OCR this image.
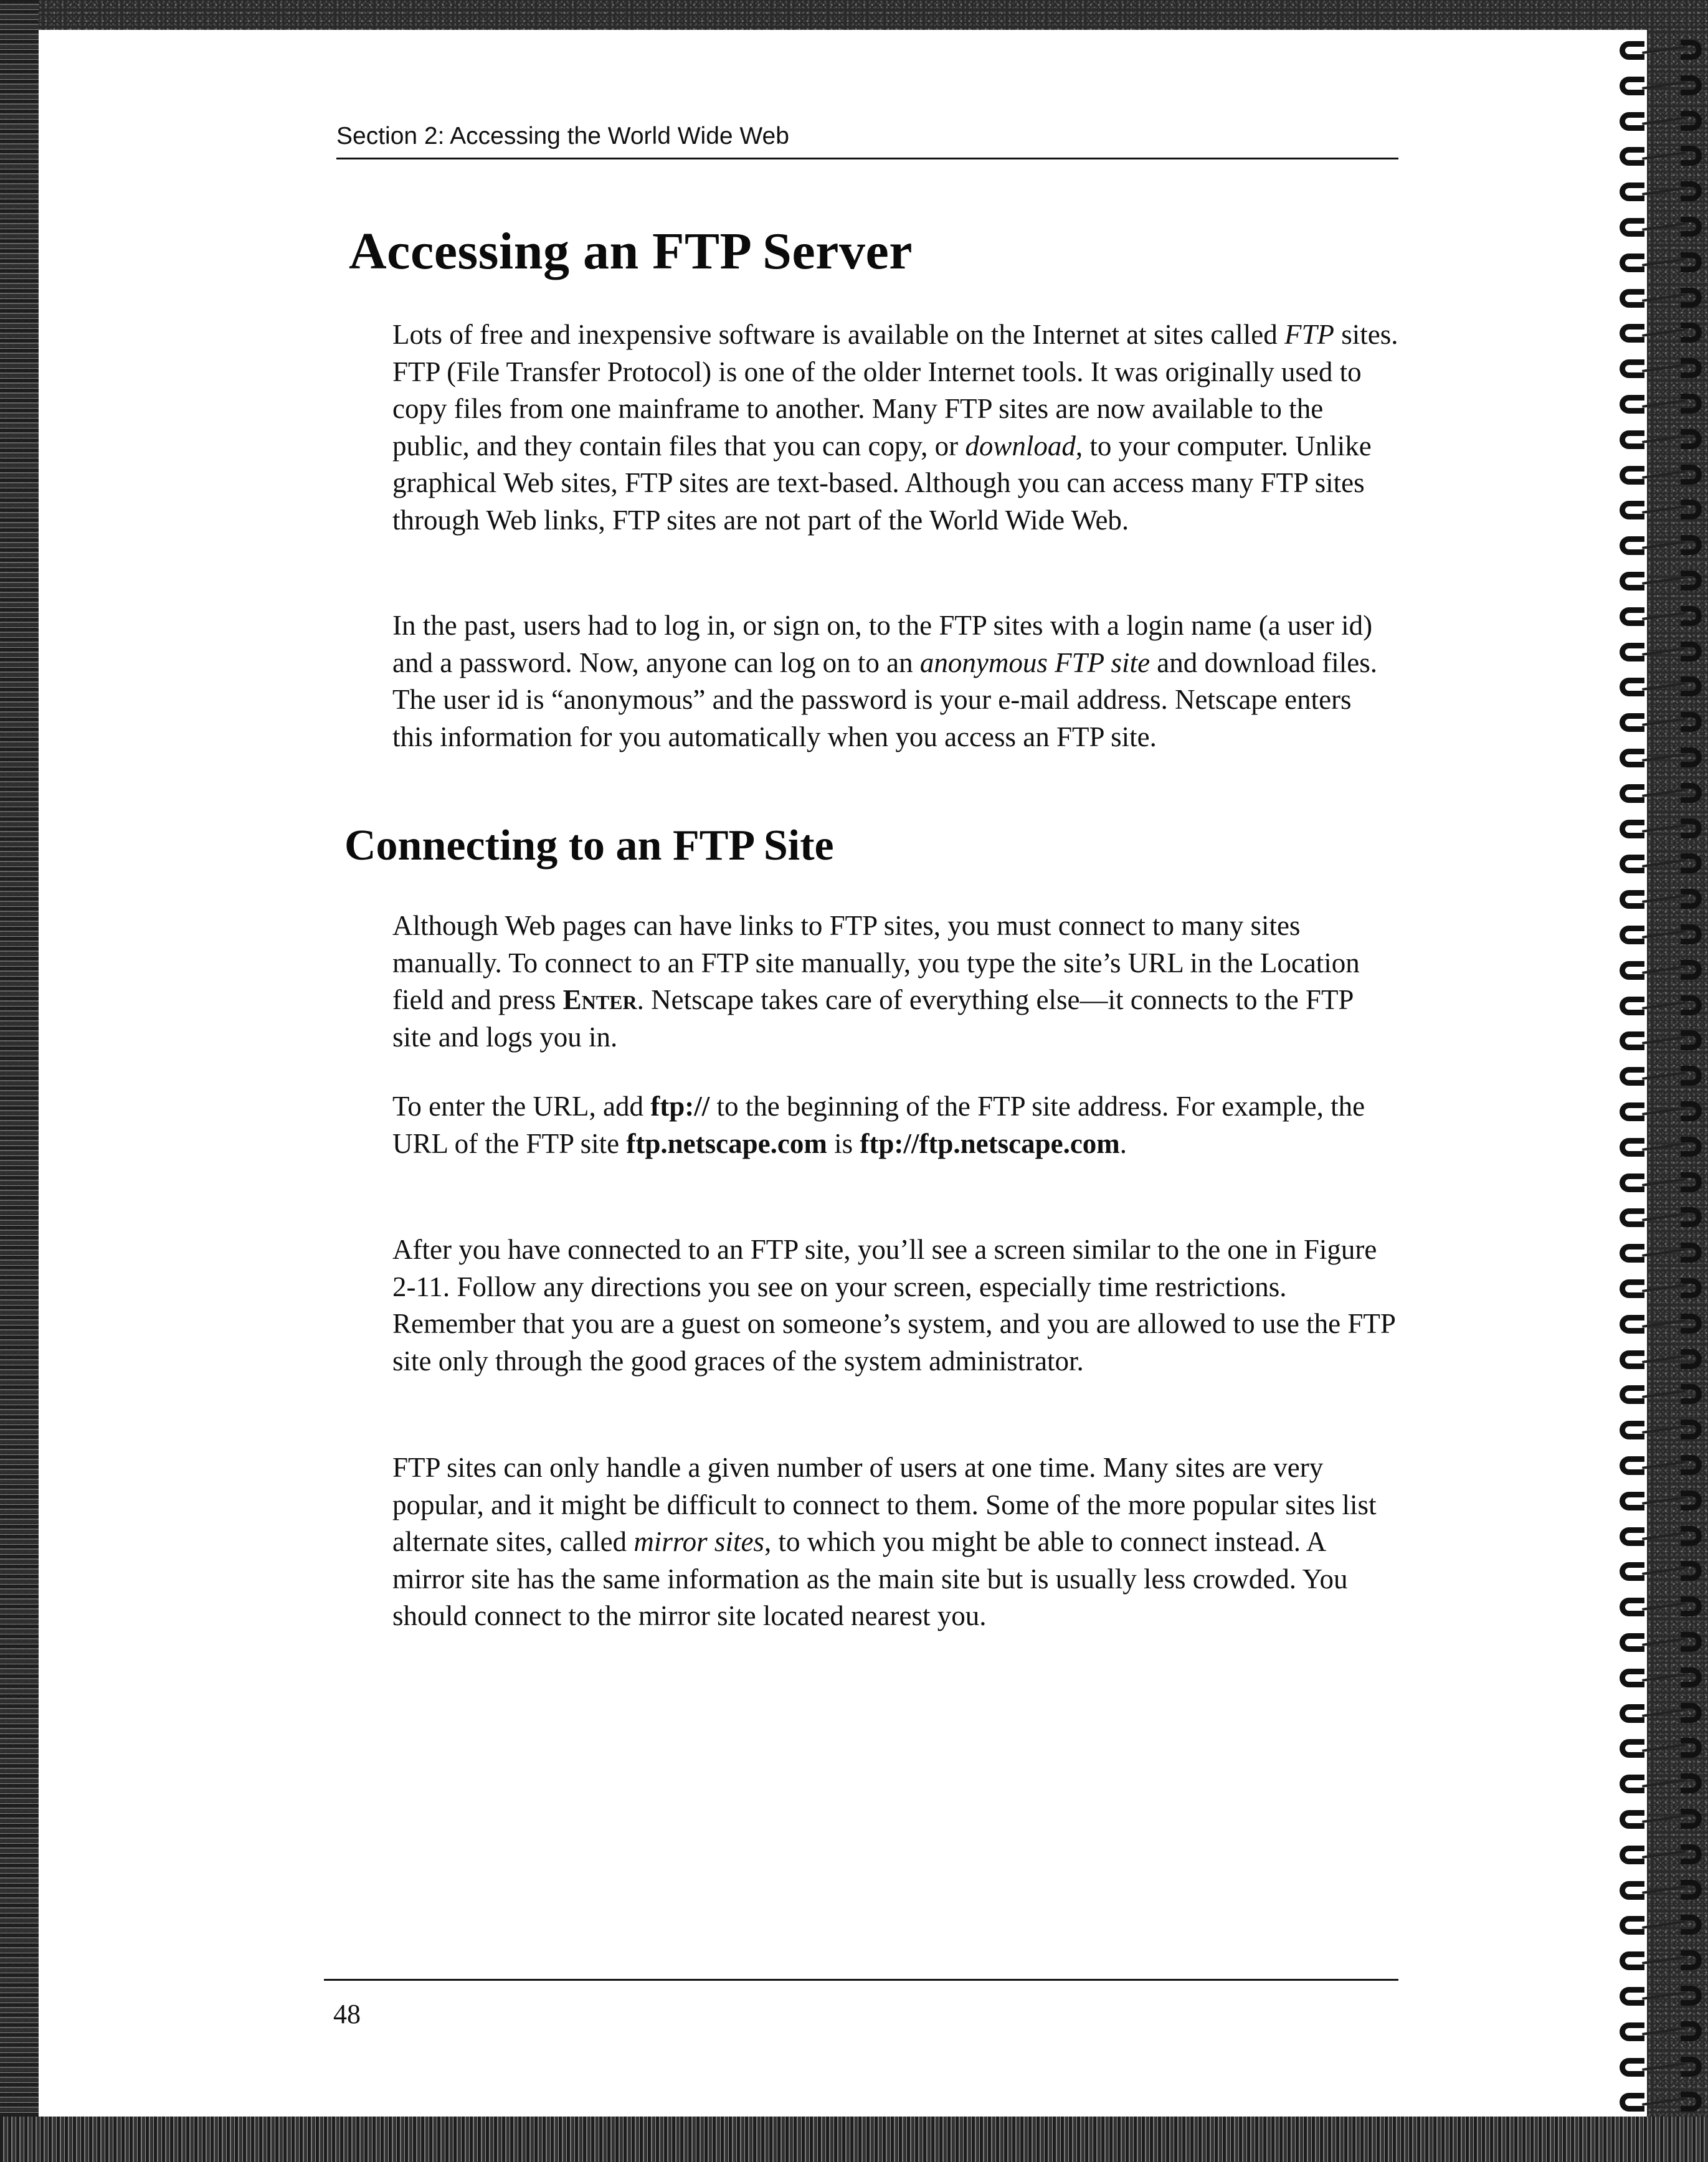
Section 2: Accessing the World Wide Web
Accessing an FTP Server

Lots of free and inexpensive software is available on the Internet at sites called FTP sites. FTP (File Transfer Protocol) is one of the older Internet tools. It was originally used to copy files from one mainframe to another. Many FTP sites are now available to the public, and they contain files that you can copy, or download, to your computer. Unlike graphical Web sites, FTP sites are text-based. Although you can access many FTP sites through Web links, FTP sites are not part of the World Wide Web.

In the past, users had to log in, or sign on, to the FTP sites with a login name (a user id) and a password. Now, anyone can log on to an anonymous FTP site and download files. The user id is “anonymous” and the password is your e-mail address. Netscape enters this information for you automatically when you access an FTP site.

Connecting to an FTP Site

Although Web pages can have links to FTP sites, you must connect to many sites manually. To connect to an FTP site manually, you type the site’s URL in the Location field and press Enter. Netscape takes care of everything else—it connects to the FTP site and logs you in.

To enter the URL, add ftp:// to the beginning of the FTP site address. For example, the URL of the FTP site ftp.netscape.com is ftp://ftp.netscape.com.

After you have connected to an FTP site, you’ll see a screen similar to the one in Figure 2-11. Follow any directions you see on your screen, especially time restrictions. Remember that you are a guest on someone’s system, and you are allowed to use the FTP site only through the good graces of the system administrator.

FTP sites can only handle a given number of users at one time. Many sites are very popular, and it might be difficult to connect to them. Some of the more popular sites list alternate sites, called mirror sites, to which you might be able to connect instead. A mirror site has the same information as the main site but is usually less crowded. You should connect to the mirror site located nearest you.

48
